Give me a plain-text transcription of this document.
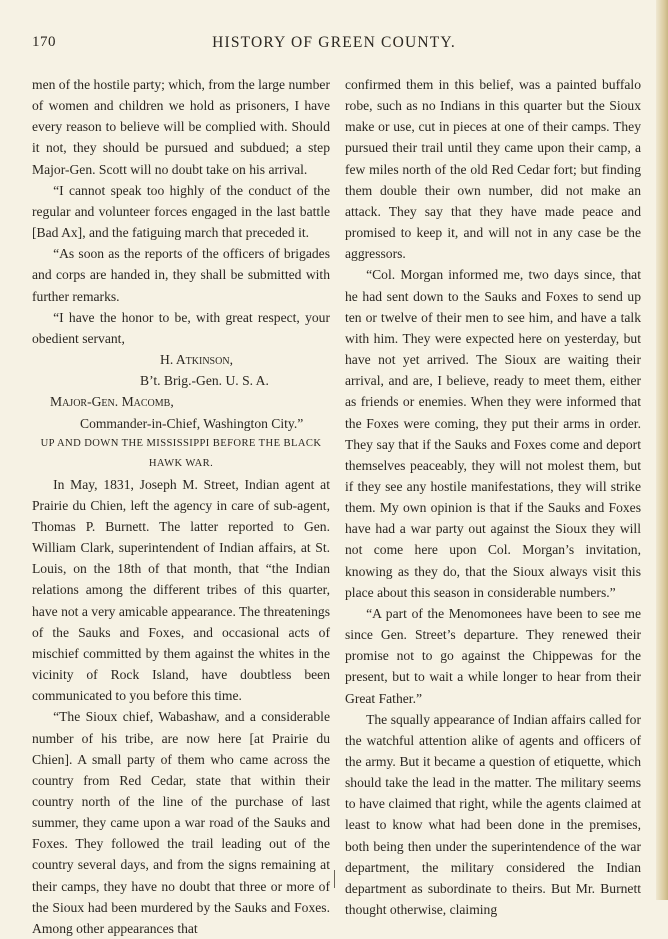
170	HISTORY OF GREEN COUNTY.

men of the hostile party; which, from the large number of women and children we hold as prisoners, I have every reason to believe will be complied with. Should it not, they should be pursued and subdued; a step Major-Gen. Scott will no doubt take on his arrival.

“I cannot speak too highly of the conduct of the regular and volunteer forces engaged in the last battle [Bad Ax], and the fatiguing march that preceded it.

“As soon as the reports of the officers of brigades and corps are handed in, they shall be submitted with further remarks.

“I have the honor to be, with great respect, your obedient servant,

H. Atkinson,

B’t. Brig.-Gen. U. S. A.

Major-Gen. Macomb,

Commander-in-Chief, Washington City.”

UP AND DOWN THE MISSISSIPPI BEFORE THE BLACK HAWK WAR.

In May, 1831, Joseph M. Street, Indian agent at Prairie du Chien, left the agency in care of sub-agent, Thomas P. Burnett. The latter reported to Gen. William Clark, superintendent of Indian affairs, at St. Louis, on the 18th of that month, that “the Indian relations among the different tribes of this quarter, have not a very amicable appearance. The threatenings of the Sauks and Foxes, and occasional acts of mischief committed by them against the whites in the vicinity of Rock Island, have doubtless been communicated to you before this time.

“The Sioux chief, Wabashaw, and a considerable number of his tribe, are now here [at Prairie du Chien]. A small party of them who came across the country from Red Cedar, state that within their country north of the line of the purchase of last summer, they came upon a war road of the Sauks and Foxes. They followed the trail leading out of the country several days, and from the signs remaining at their camps, they have no doubt that three or more of the Sioux had been murdered by the Sauks and Foxes. Among other appearances that

confirmed them in this belief, was a painted buffalo robe, such as no Indians in this quarter but the Sioux make or use, cut in pieces at one of their camps. They pursued their trail until they came upon their camp, a few miles north of the old Red Cedar fort; but finding them double their own number, did not make an attack. They say that they have made peace and promised to keep it, and will not in any case be the aggressors.

“Col. Morgan informed me, two days since, that he had sent down to the Sauks and Foxes to send up ten or twelve of their men to see him, and have a talk with him. They were expected here on yesterday, but have not yet arrived. The Sioux are waiting their arrival, and are, I believe, ready to meet them, either as friends or enemies. When they were informed that the Foxes were coming, they put their arms in order. They say that if the Sauks and Foxes come and deport themselves peaceably, they will not molest them, but if they see any hostile manifestations, they will strike them. My own opinion is that if the Sauks and Foxes have had a war party out against the Sioux they will not come here upon Col. Morgan’s invitation, knowing as they do, that the Sioux always visit this place about this season in considerable numbers.”

“A part of the Menomonees have been to see me since Gen. Street’s departure. They renewed their promise not to go against the Chippewas for the present, but to wait a while longer to hear from their Great Father.”

The squally appearance of Indian affairs called for the watchful attention alike of agents and officers of the army. But it became a question of etiquette, which should take the lead in the matter. The military seems to have claimed that right, while the agents claimed at least to know what had been done in the premises, both being then under the superintendence of the war department, the military considered the Indian department as subordinate to theirs. But Mr. Burnett thought otherwise, claiming
